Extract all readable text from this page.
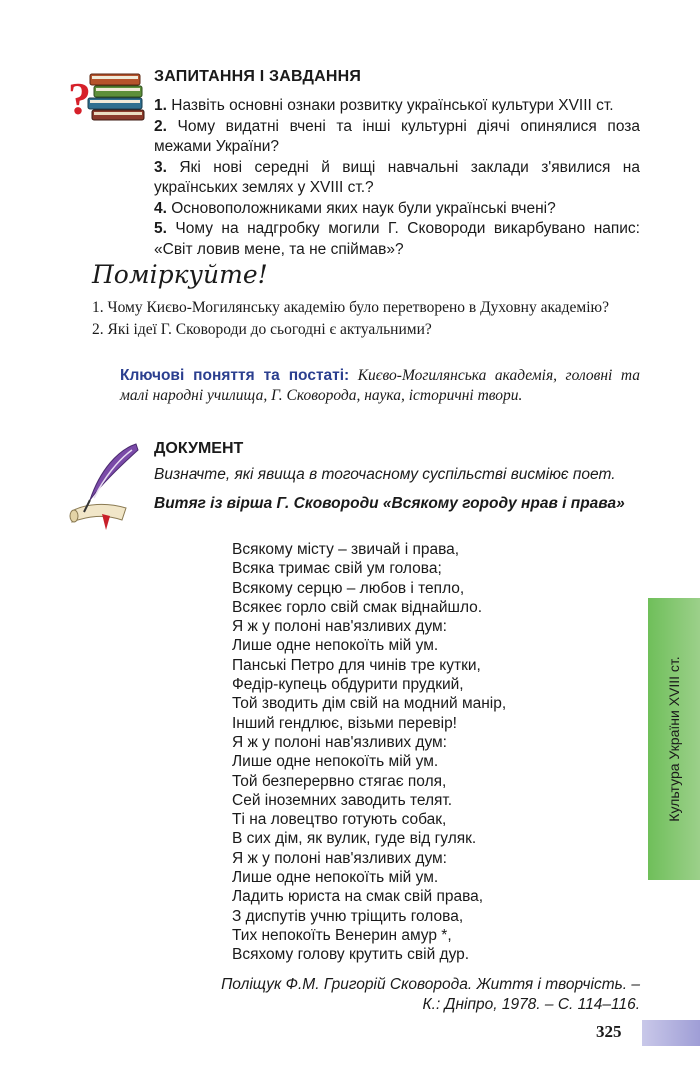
?	ЗАПИТАННЯ І ЗАВДАННЯ

1. Назвіть основні ознаки розвитку української культури XVIII ст.

2. Чому видатні вчені та інші культурні діячі опинялися поза межами України?

3. Які нові середні й вищі навчальні заклади з'явилися на українських землях у XVIII ст.?

4. Основоположниками яких наук були українські вчені?

5. Чому на надгробку могили Г. Сковороди викарбувано напис: «Світ ловив мене, та не спіймав»?

Поміркуйте!

1. Чому Києво-Могилянську академію було перетворено в Духовну академію?

2. Які ідеї Г. Сковороди до сьогодні є актуальними?

Ключові поняття та постаті: Києво-Могилянська академія, головні та малі народні училища, Г. Сковорода, наука, історичні твори.
ДОКУМЕНТ
Визначте, які явища в тогочасному суспільстві висміює поет.
Витяг із вірша Г. Сковороди «Всякому городу нрав і права»

Всякому місту – звичай і права,

Всяка тримає свій ум голова;

Всякому серцю – любов і тепло,

Всякеє горло свій смак віднайшло.

Я ж у полоні нав'язливих дум:

Лише одне непокоїть мій ум.

Панські Петро для чинів тре кутки,

Федір-купець обдурити прудкий,

Той зводить дім свій на модний манір,

Інший гендлює, візьми перевір!

Я ж у полоні нав'язливих дум:

Лише одне непокоїть мій ум.

Той безперервно стягає поля,

Сей іноземних заводить телят.

Ті на ловецтво готують собак,

В сих дім, як вулик, гуде від гуляк.

Я ж у полоні нав'язливих дум:

Лише одне непокоїть мій ум.

Ладить юриста на смак свій права,

З диспутів учню тріщить голова,

Тих непокоїть Венерин амур *,

Всяхому голову крутить свій дур.

Поліщук Ф.М. Григорій Сковорода. Життя і творчість. –
К.: Дніпро, 1978. – С. 114–116.
Культура України XVIII ст.
325
